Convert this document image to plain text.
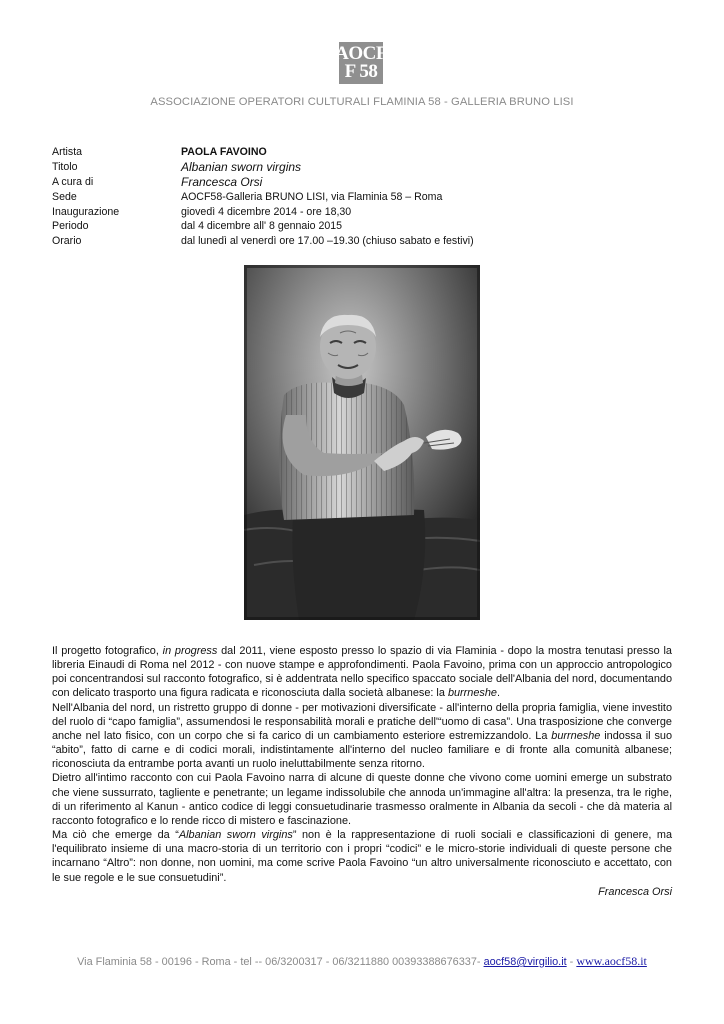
AOCF
F 58
ASSOCIAZIONE OPERATORI CULTURALI FLAMINIA 58 - GALLERIA BRUNO LISI
Artista	PAOLA FAVOINO
Titolo	Albanian sworn virgins
A cura di	Francesca Orsi
Sede	AOCF58-Galleria BRUNO LISI, via Flaminia 58 – Roma
Inaugurazione	giovedì 4 dicembre 2014 - ore 18,30
Periodo	dal 4 dicembre all' 8 gennaio 2015
Orario	dal lunedì al venerdì ore 17.00 –19.30 (chiuso sabato e festivi)

Il progetto fotografico, in progress dal 2011, viene esposto presso lo spazio di via Flaminia - dopo la mostra tenutasi presso la libreria Einaudi di Roma nel 2012 - con nuove stampe e approfondimenti. Paola Favoino, prima con un approccio antropologico poi concentrandosi sul racconto fotografico, si è addentrata nello specifico spaccato sociale dell'Albania del nord, documentando con delicato trasporto una figura radicata e riconosciuta dalla società albanese: la burrneshe.

Nell'Albania del nord, un ristretto gruppo di donne - per motivazioni diversificate - all'interno della propria famiglia, viene investito del ruolo di “capo famiglia”, assumendosi le responsabilità morali e pratiche dell'“uomo di casa”. Una trasposizione che converge anche nel lato fisico, con un corpo che si fa carico di un cambiamento esteriore estremizzandolo. La burrneshe indossa il suo “abito”, fatto di carne e di codici morali, indistintamente all'interno del nucleo familiare e di fronte alla comunità albanese; riconosciuta da entrambe porta avanti un ruolo ineluttabilmente senza ritorno.

Dietro all'intimo racconto con cui Paola Favoino narra di alcune di queste donne che vivono come uomini emerge un substrato che viene sussurrato, tagliente e penetrante; un legame indissolubile che annoda un'immagine all'altra: la presenza, tra le righe, di un riferimento al Kanun - antico codice di leggi consuetudinarie trasmesso oralmente in Albania da secoli - che dà materia al racconto fotografico e lo rende ricco di mistero e fascinazione.

Ma ciò che emerge da “Albanian sworn virgins” non è la rappresentazione di ruoli sociali e classificazioni di genere, ma l'equilibrato insieme di una macro-storia di un territorio con i propri “codici” e le micro-storie individuali di queste persone che incarnano “Altro”: non donne, non uomini, ma come scrive Paola Favoino “un altro universalmente riconosciuto e accettato, con le sue regole e le sue consuetudini”.

Francesca Orsi

Via Flaminia 58 - 00196 - Roma - tel -- 06/3200317 - 06/3211880 00393388676337- aocf58@virgilio.it - www.aocf58.it
